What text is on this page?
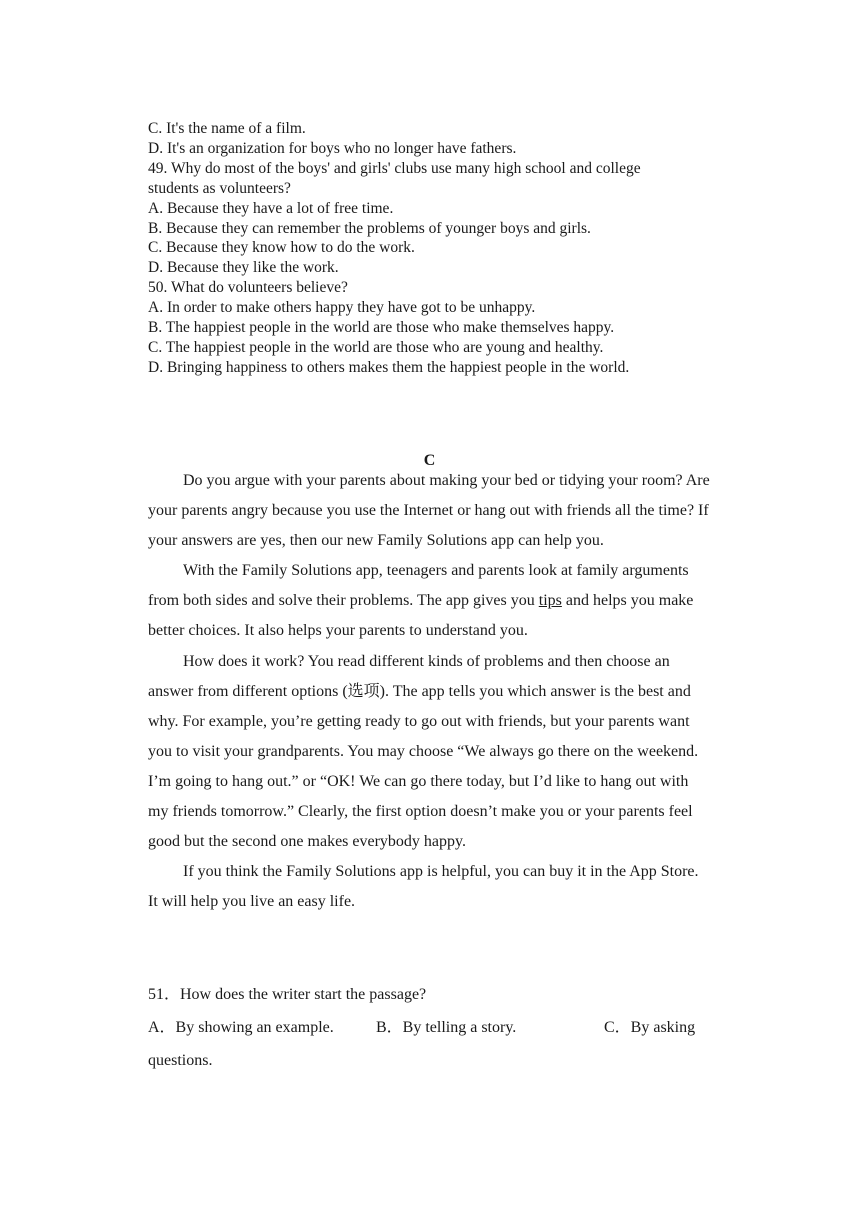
C. It's the name of a film.
D. It's an organization for boys who no longer have fathers.
49. Why do most of the boys' and girls' clubs use many high school and college
students as volunteers?
A. Because they have a lot of free time.
B. Because they can remember the problems of younger boys and girls.
C. Because they know how to do the work.
D. Because they like the work.
50. What do volunteers believe?
A. In order to make others happy they have got to be unhappy.
B. The happiest people in the world are those who make themselves happy.
C. The happiest people in the world are those who are young and healthy.
D. Bringing happiness to others makes them the happiest people in the world.
C

Do you argue with your parents about making your bed or tidying your room? Are your parents angry because you use the Internet or hang out with friends all the time? If your answers are yes, then our new Family Solutions app can help you.

With the Family Solutions app, teenagers and parents look at family arguments from both sides and solve their problems. The app gives you tips and helps you make better choices. It also helps your parents to understand you.

How does it work? You read different kinds of problems and then choose an answer from different options (选项). The app tells you which answer is the best and why. For example, you’re getting ready to go out with friends, but your parents want you to visit your grandparents. You may choose “We always go there on the weekend. I’m going to hang out.” or “OK! We can go there today, but I’d like to hang out with my friends tomorrow.” Clearly, the first option doesn’t make you or your parents feel good but the second one makes everybody happy.

If you think the Family Solutions app is helpful, you can buy it in the App Store. It will help you live an easy life.

51．How does the writer start the passage?
A．By showing an example.	B．By telling a story.	C．By asking
questions.
